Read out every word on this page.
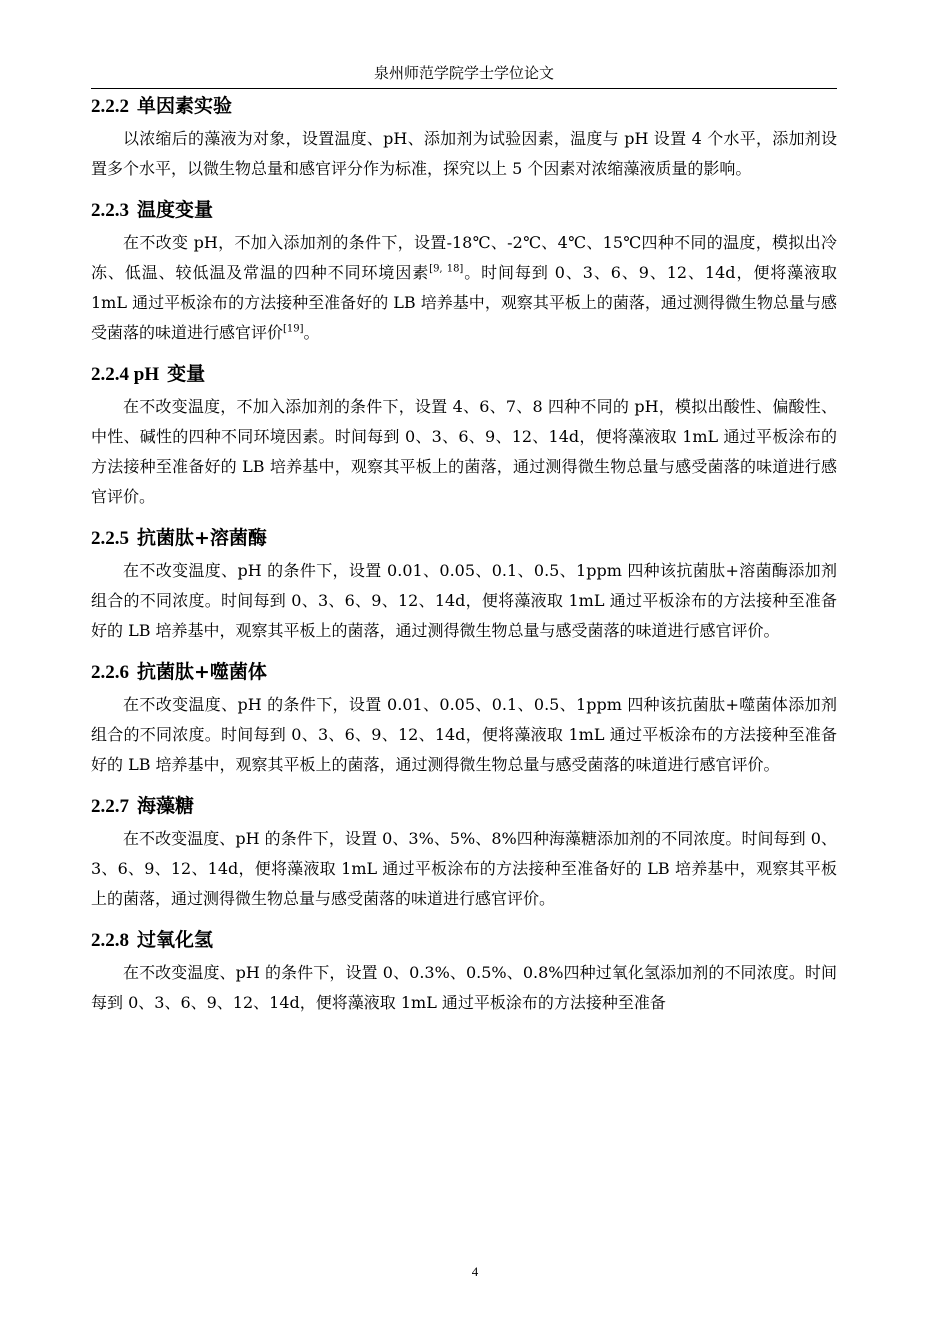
泉州师范学院学士学位论文
2.2.2 单因素实验

以浓缩后的藻液为对象，设置温度、pH、添加剂为试验因素，温度与 pH 设置 4 个水平，添加剂设置多个水平，以微生物总量和感官评分作为标准，探究以上 5 个因素对浓缩藻液质量的影响。

2.2.3 温度变量

在不改变 pH，不加入添加剂的条件下，设置-18℃、-2℃、4℃、15℃四种不同的温度，模拟出冷冻、低温、较低温及常温的四种不同环境因素[9, 18]。时间每到 0、3、6、9、12、14d，便将藻液取 1mL 通过平板涂布的方法接种至准备好的 LB 培养基中，观察其平板上的菌落，通过测得微生物总量与感受菌落的味道进行感官评价[19]。

2.2.4 pH 变量

在不改变温度，不加入添加剂的条件下，设置 4、6、7、8 四种不同的 pH，模拟出酸性、偏酸性、中性、碱性的四种不同环境因素。时间每到 0、3、6、9、12、14d，便将藻液取 1mL 通过平板涂布的方法接种至准备好的 LB 培养基中，观察其平板上的菌落，通过测得微生物总量与感受菌落的味道进行感官评价。

2.2.5 抗菌肽+溶菌酶

在不改变温度、pH 的条件下，设置 0.01、0.05、0.1、0.5、1ppm 四种该抗菌肽+溶菌酶添加剂组合的不同浓度。时间每到 0、3、6、9、12、14d，便将藻液取 1mL 通过平板涂布的方法接种至准备好的 LB 培养基中，观察其平板上的菌落，通过测得微生物总量与感受菌落的味道进行感官评价。

2.2.6 抗菌肽+噬菌体

在不改变温度、pH 的条件下，设置 0.01、0.05、0.1、0.5、1ppm 四种该抗菌肽+噬菌体添加剂组合的不同浓度。时间每到 0、3、6、9、12、14d，便将藻液取 1mL 通过平板涂布的方法接种至准备好的 LB 培养基中，观察其平板上的菌落，通过测得微生物总量与感受菌落的味道进行感官评价。

2.2.7 海藻糖

在不改变温度、pH 的条件下，设置 0、3%、5%、8%四种海藻糖添加剂的不同浓度。时间每到 0、3、6、9、12、14d，便将藻液取 1mL 通过平板涂布的方法接种至准备好的 LB 培养基中，观察其平板上的菌落，通过测得微生物总量与感受菌落的味道进行感官评价。

2.2.8 过氧化氢

在不改变温度、pH 的条件下，设置 0、0.3%、0.5%、0.8%四种过氧化氢添加剂的不同浓度。时间每到 0、3、6、9、12、14d，便将藻液取 1mL 通过平板涂布的方法接种至准备

4
